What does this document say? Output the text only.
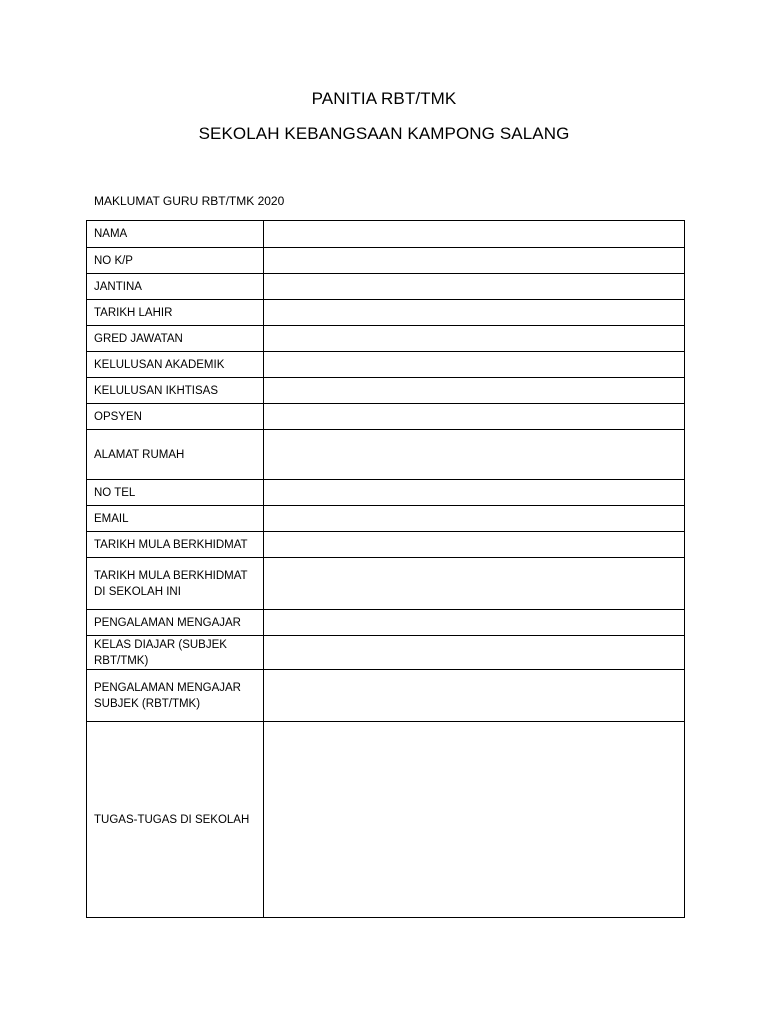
PANITIA RBT/TMK
SEKOLAH KEBANGSAAN KAMPONG SALANG
MAKLUMAT GURU RBT/TMK 2020
NAMA	
NO K/P	
JANTINA	
TARIKH LAHIR	
GRED JAWATAN	
KELULUSAN AKADEMIK	
KELULUSAN IKHTISAS	
OPSYEN	
ALAMAT RUMAH	
NO TEL	
EMAIL	
TARIKH MULA BERKHIDMAT	
TARIKH MULA BERKHIDMAT
DI SEKOLAH INI	
PENGALAMAN MENGAJAR	
KELAS DIAJAR (SUBJEK
RBT/TMK)	
PENGALAMAN MENGAJAR
SUBJEK (RBT/TMK)	
TUGAS-TUGAS DI SEKOLAH	
